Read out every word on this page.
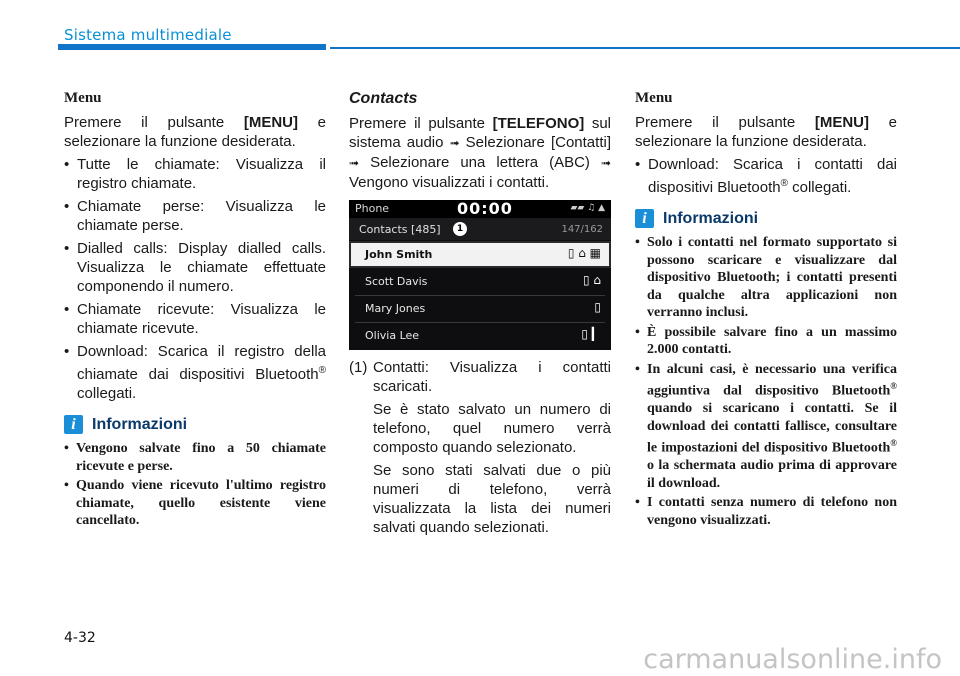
Sistema multimediale
Menu

Premere il pulsante [MENU] e selezionare la funzione desiderata.

• Tutte le chiamate: Visualizza il registro chiamate.
• Chiamate perse: Visualizza le chiamate perse.
• Dialled calls: Display dialled calls. Visualizza le chiamate effettuate componendo il numero.
• Chiamate ricevute: Visualizza le chiamate ricevute.
• Download: Scarica il registro della chiamate dai dispositivi Bluetooth® collegati.
i	Informazioni
• Vengono salvate fino a 50 chiamate ricevute e perse.
• Quando viene ricevuto l'ultimo registro chiamate, quello esistente viene cancellato.
Contacts

Premere il pulsante [TELEFONO] sul sistema audio ➟ Selezionare [Contatti] ➟ Selezionare una lettera (ABC) ➟ Vengono visualizzati i contatti.

Phone	00:00	▰▰ ♫ ▲
Contacts [485]	1	147/162
John Smith	▯ ⌂ ▦
Scott Davis	▯ ⌂
Mary Jones	▯
Olivia Lee	▯ ▎
(1) Contatti: Visualizza i contatti scaricati.

Se è stato salvato un numero di telefono, quel numero verrà composto quando selezionato.

Se sono stati salvati due o più numeri di telefono, verrà visualizzata la lista dei numeri salvati quando selezionati.

Menu

Premere il pulsante [MENU] e selezionare la funzione desiderata.

• Download: Scarica i contatti dai dispositivi Bluetooth® collegati.
i	Informazioni
• Solo i contatti nel formato supportato si possono scaricare e visualizzare dal dispositivo Bluetooth; i contatti presenti da qualche altra applicazioni non verranno inclusi.
• È possibile salvare fino a un massimo 2.000 contatti.
• In alcuni casi, è necessario una verifica aggiuntiva dal dispositivo Bluetooth® quando si scaricano i contatti. Se il download dei contatti fallisce, consultare le impostazioni del dispositivo Bluetooth® o la schermata audio prima di approvare il download.
• I contatti senza numero di telefono non vengono visualizzati.
4-32
carmanualsonline.info
